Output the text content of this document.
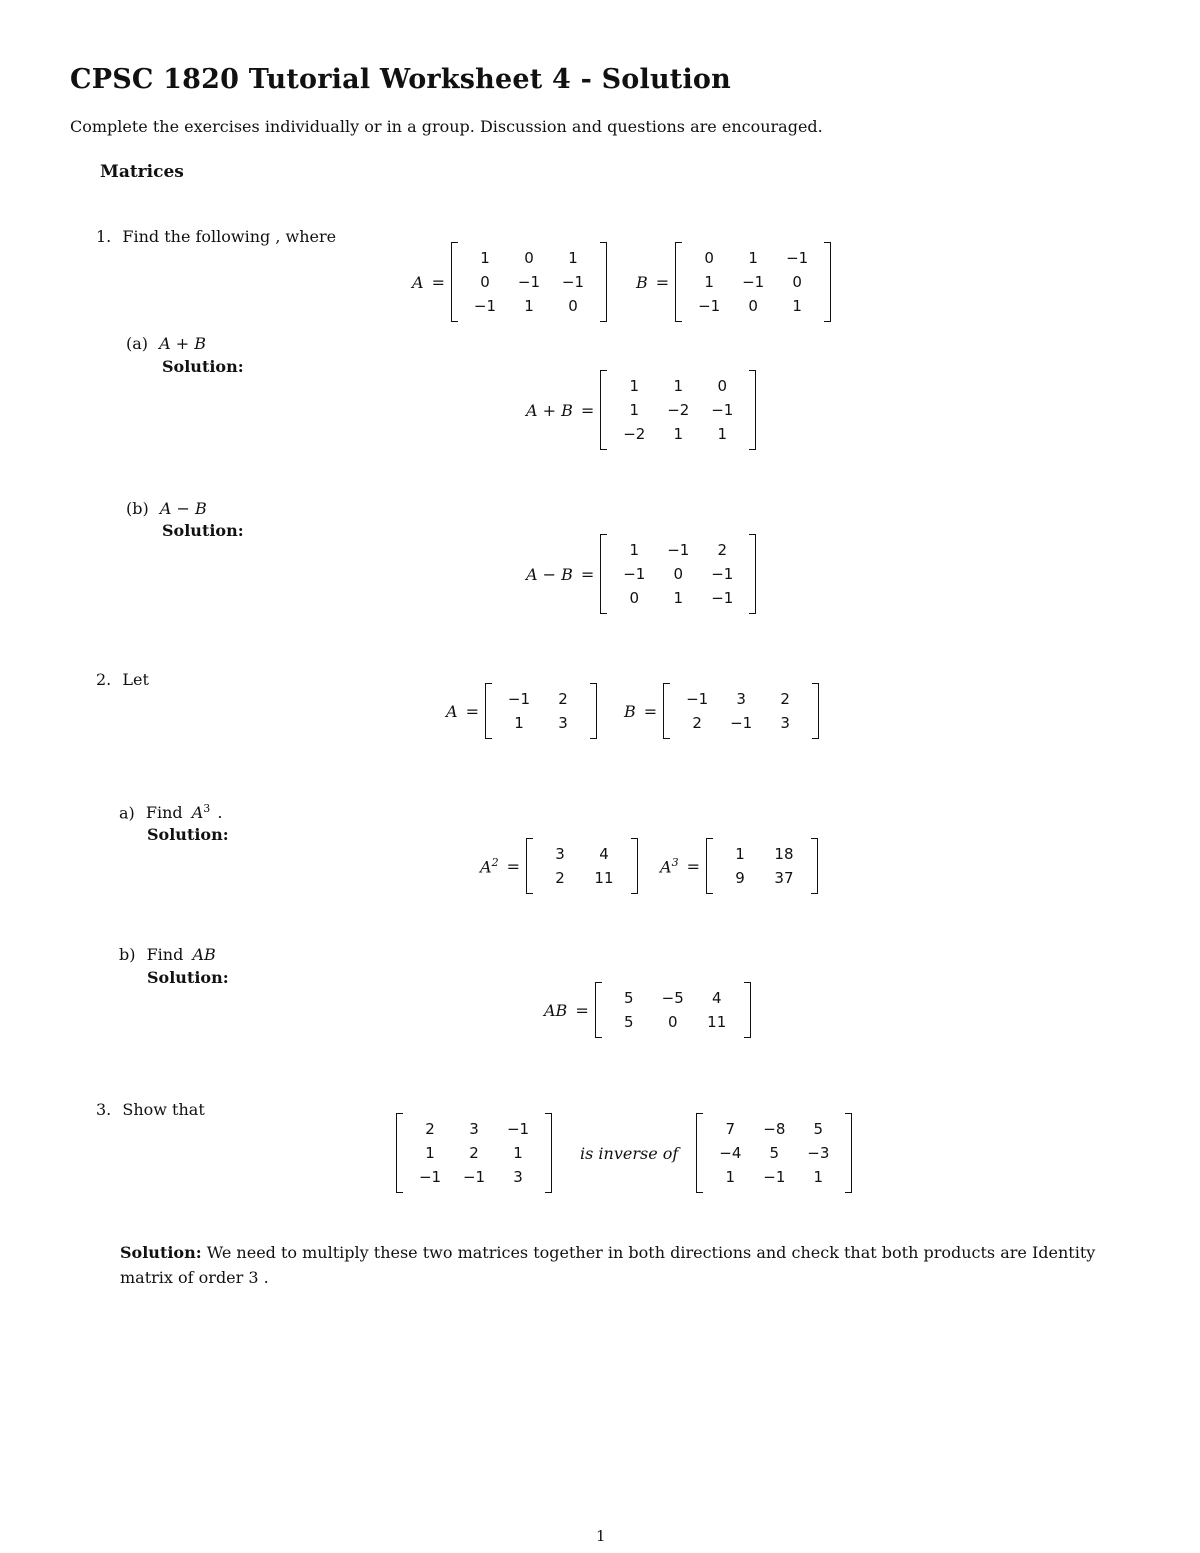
CPSC 1820 Tutorial Worksheet 4 - Solution
Complete the exercises individually or in a group. Discussion and questions are encouraged.
Matrices
1. Find the following , where
A =
1	0	1
0	−1	−1
−1	1	0
B =
0	1	−1
1	−1	0
−1	0	1
(a) A + B
Solution:
A + B =
1	1	0
1	−2	−1
−2	1	1
(b) A − B
Solution:
A − B =
1	−1	2
−1	0	−1
0	1	−1
2. Let
A =
−1	2
1	3
B =
−1	3	2
2	−1	3
a) Find $A^3$ .
Solution:
$A^2$ =
3	4
2	11
$A^3$ =
1	18
9	37
b) Find AB
Solution:
AB =
5	−5	4
5	0	11
3. Show that
2	3	−1
1	2	1
−1	−1	3
is inverse of
7	−8	5
−4	5	−3
1	−1	1
Solution: We need to multiply these two matrices together in both directions and check that both products are Identity matrix of order 3 .
1
